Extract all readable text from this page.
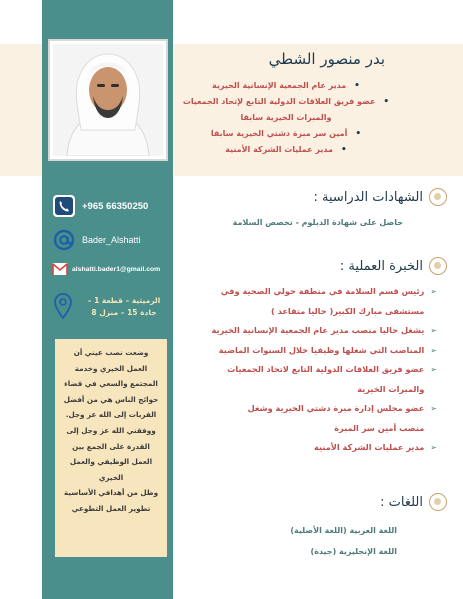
+965 66350250
Bader_Alshatti
alshatti.bader1@gmail.com
الرميثية – قطعة 1 –
جادة 15 – منزل 8
وضعت نصب عيني أن
العمل الخيري وخدمة
المجتمع والسعي في قضاء
حوائج الناس هي من أفضل
القربات إلى الله عز وجل.
ووفقني الله عز وجل إلى
القدرة على الجمع بين
العمل الوظيفي والعمل
الخيري
وظل من أهدافي الأساسية
تطوير العمل التطوعي
بدر منصور الشطي
•مدير عام الجمعية الإنسانية الخيرية
•عضو فريق العلاقات الدولية التابع لإتحاد الجمعيات والمبرات الخيرية سابقا
•أمين سر مبرة دشتي الخيرية سابقا
•مدير عمليات الشركة الأمنية
الشهادات الدراسية :
حاصل على شهادة الدبلوم - تخصص السلامة
الخبرة العملية :
➢
رئيس قسم السلامة في منطقة حولي الصحية وفي
مستشفى مبارك الكبير( حاليا متقاعد )
➢
يشغل حاليا منصب مدير عام الجمعية الإنسانية الخيرية
➢
المناصب التي شغلها وظيفيا خلال السنوات الماضية
➢
عضو فريق العلاقات الدولية التابع لاتحاد الجمعيات
والمبرات الخيرية
➢
عضو مجلس إدارة مبرة دشتي الخيرية وشغل
منصب أمين سر المبرة
➢
مدير عمليات الشركة الأمنية
اللغات :
اللغة العربية (اللغة الأصلية)
اللغة الإنجليزية (جيدة)
